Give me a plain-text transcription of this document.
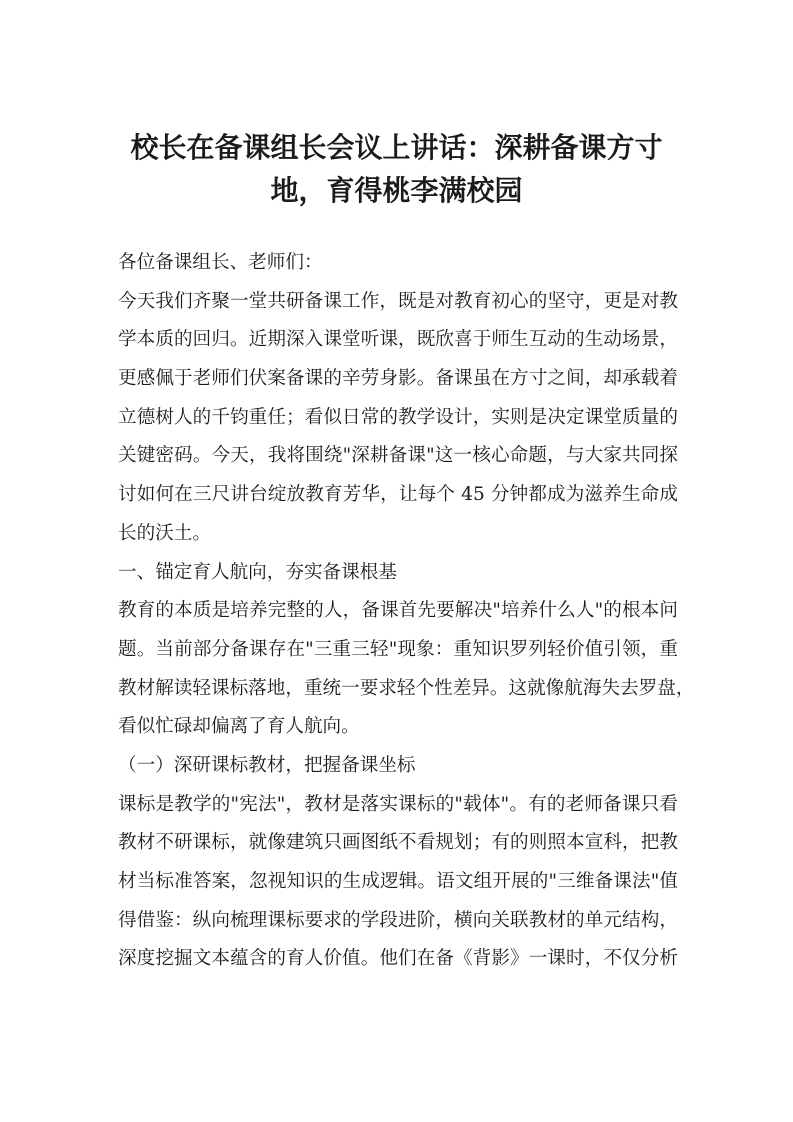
校长在备课组长会议上讲话：深耕备课方寸
地，育得桃李满校园
各位备课组长、老师们：
今天我们齐聚一堂共研备课工作，既是对教育初心的坚守，更是对教
学本质的回归。近期深入课堂听课，既欣喜于师生互动的生动场景，
更感佩于老师们伏案备课的辛劳身影。备课虽在方寸之间，却承载着
立德树人的千钧重任；看似日常的教学设计，实则是决定课堂质量的
关键密码。今天，我将围绕"深耕备课"这一核心命题，与大家共同探
讨如何在三尺讲台绽放教育芳华，让每个 45 分钟都成为滋养生命成
长的沃土。
一、锚定育人航向，夯实备课根基
教育的本质是培养完整的人，备课首先要解决"培养什么人"的根本问
题。当前部分备课存在"三重三轻"现象：重知识罗列轻价值引领，重
教材解读轻课标落地，重统一要求轻个性差异。这就像航海失去罗盘，
看似忙碌却偏离了育人航向。
（一）深研课标教材，把握备课坐标
课标是教学的"宪法"，教材是落实课标的"载体"。有的老师备课只看
教材不研课标，就像建筑只画图纸不看规划；有的则照本宣科，把教
材当标准答案，忽视知识的生成逻辑。语文组开展的"三维备课法"值
得借鉴：纵向梳理课标要求的学段进阶，横向关联教材的单元结构，
深度挖掘文本蕴含的育人价值。他们在备《背影》一课时，不仅分析
